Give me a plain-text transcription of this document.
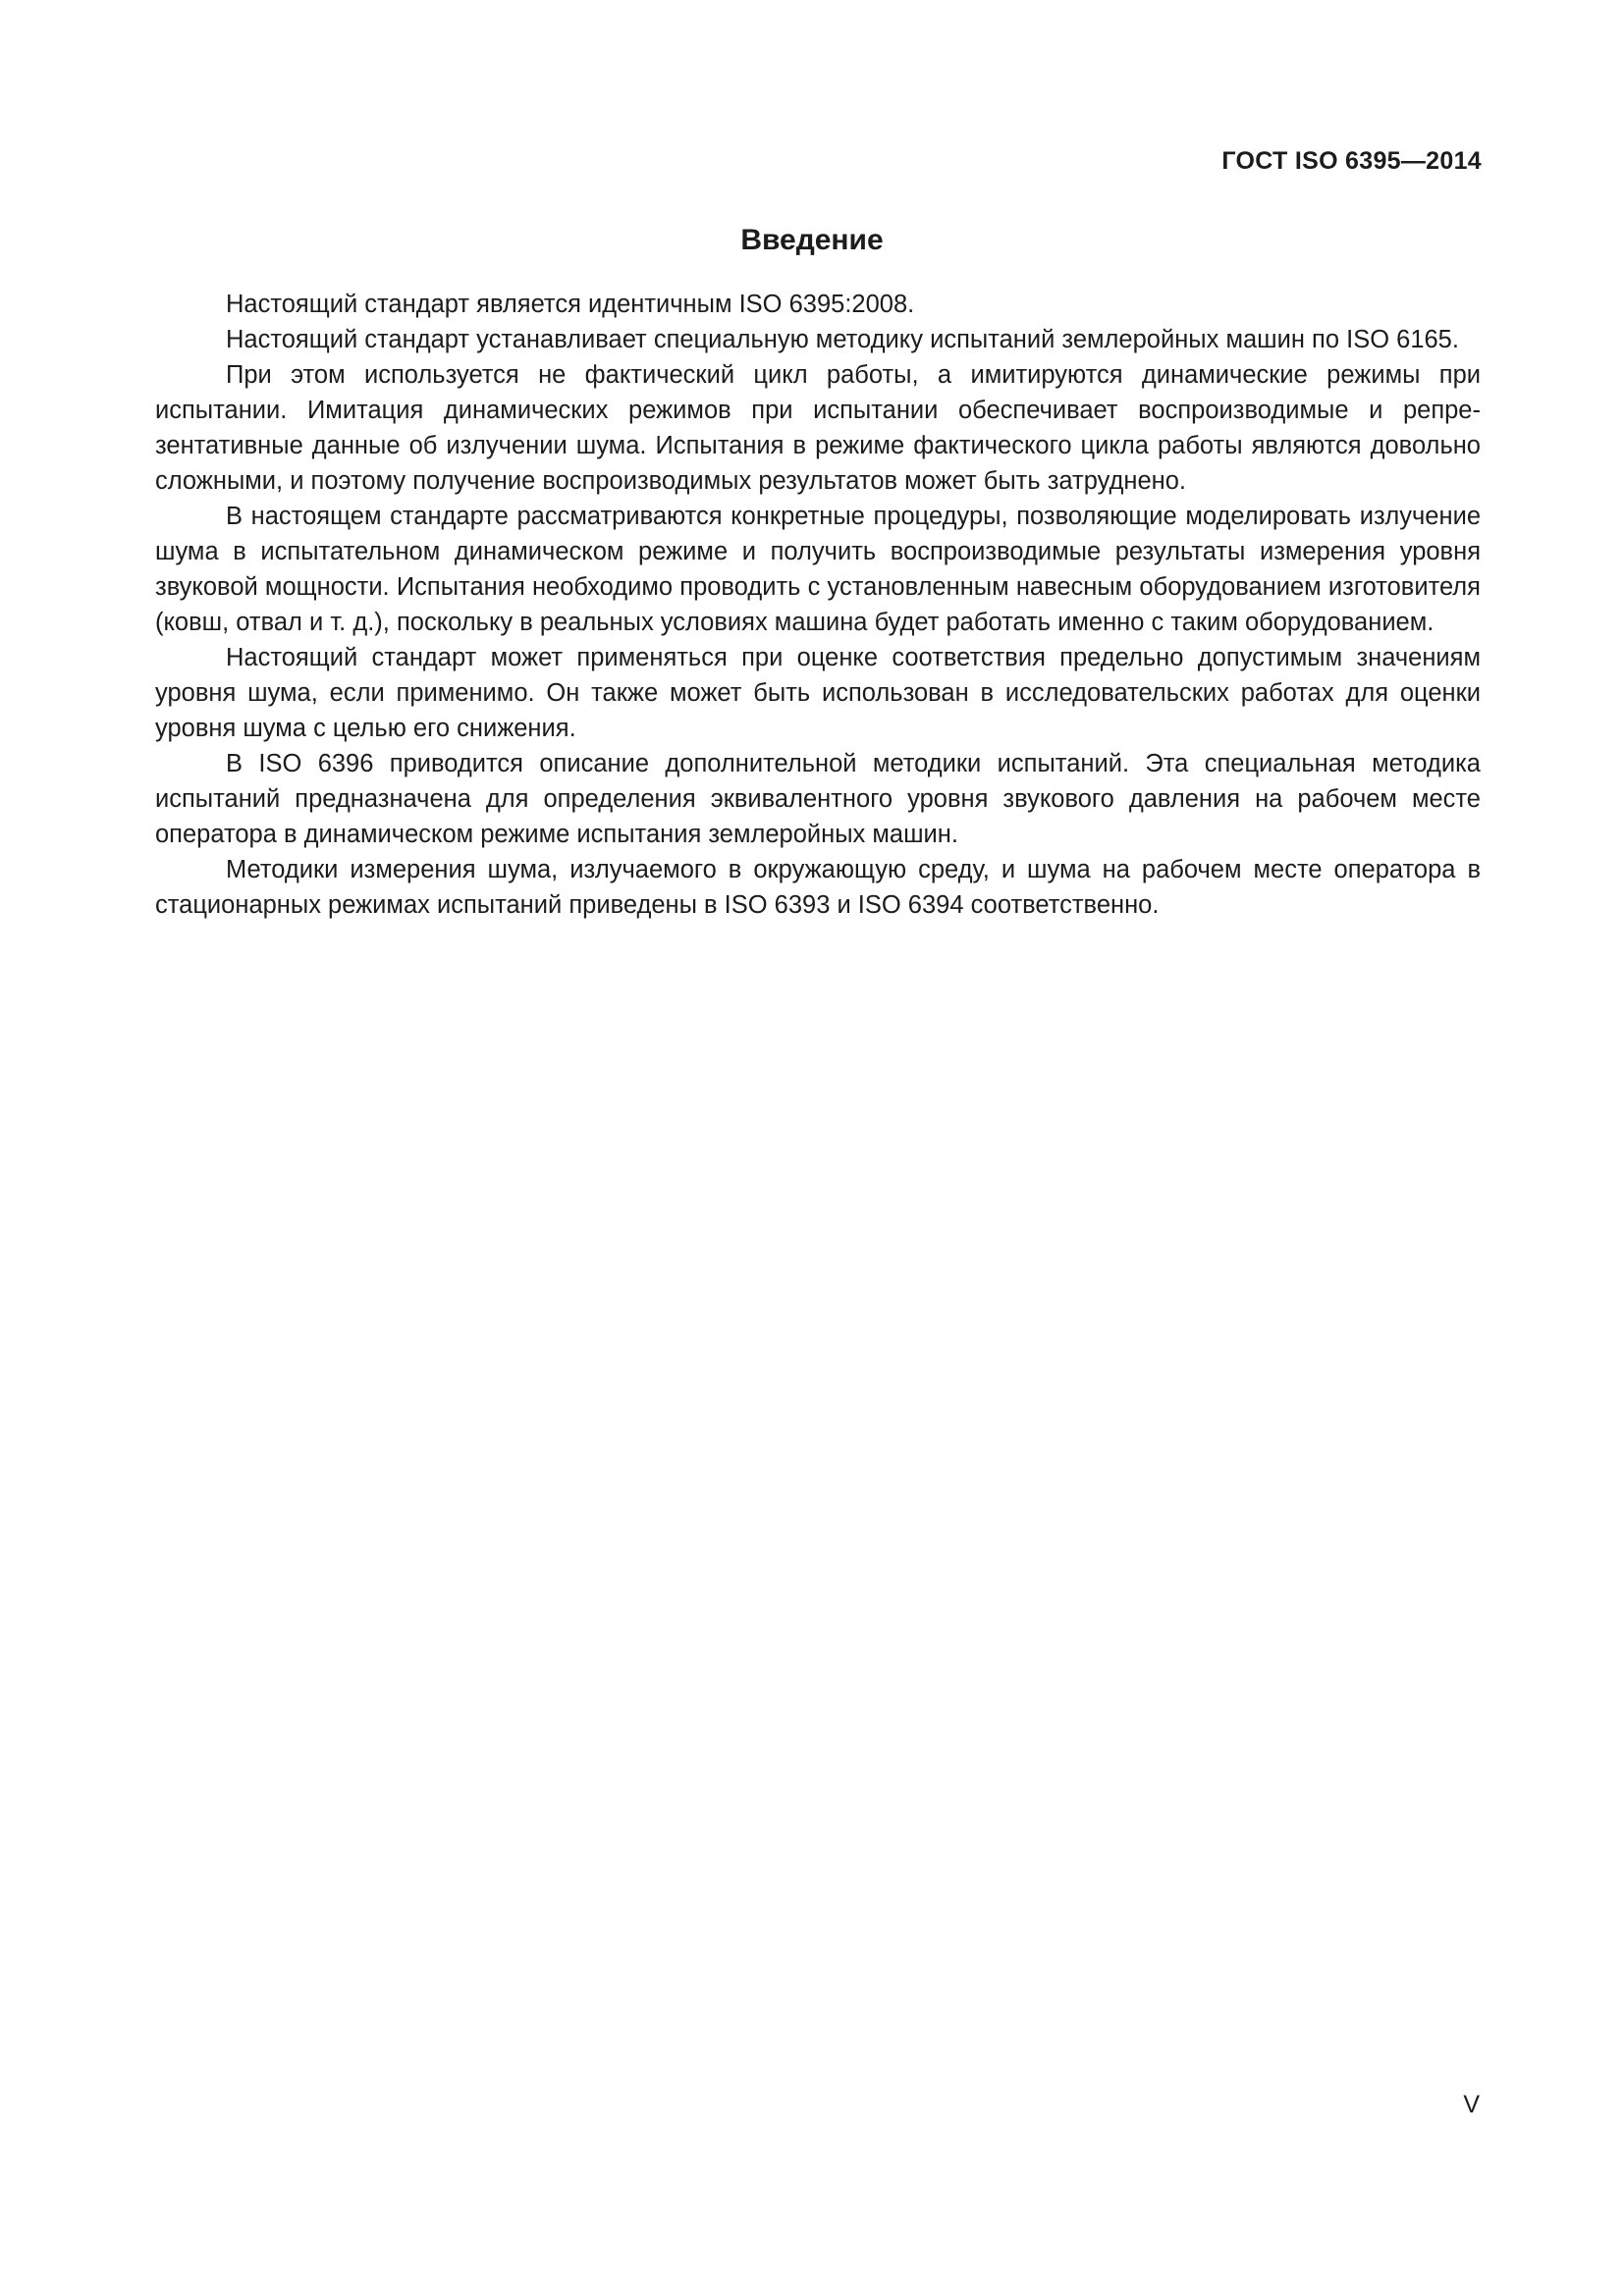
ГОСТ ISO 6395—2014
Введение

Настоящий стандарт является идентичным ISO 6395:2008.

Настоящий стандарт устанавливает специальную методику испытаний землеройных машин по ISO 6165.

При этом используется не фактический цикл работы, а имитируются динамические режимы при испытании. Имитация динамических режимов при испытании обеспечивает воспроизводимые и репрезентативные данные об излучении шума. Испытания в режиме фактического цикла работы являются довольно сложными, и поэтому получение воспроизводимых результатов может быть затруднено.

В настоящем стандарте рассматриваются конкретные процедуры, позволяющие моделировать излучение шума в испытательном динамическом режиме и получить воспроизводимые результаты измерения уровня звуковой мощности. Испытания необходимо проводить с установленным навесным оборудованием изготовителя (ковш, отвал и т. д.), поскольку в реальных условиях машина будет работать именно с таким оборудованием.

Настоящий стандарт может применяться при оценке соответствия предельно допустимым значениям уровня шума, если применимо. Он также может быть использован в исследовательских работах для оценки уровня шума с целью его снижения.

В ISO 6396 приводится описание дополнительной методики испытаний. Эта специальная методика испытаний предназначена для определения эквивалентного уровня звукового давления на рабочем месте оператора в динамическом режиме испытания землеройных машин.

Методики измерения шума, излучаемого в окружающую среду, и шума на рабочем месте оператора в стационарных режимах испытаний приведены в ISO 6393 и ISO 6394 соответственно.

V
